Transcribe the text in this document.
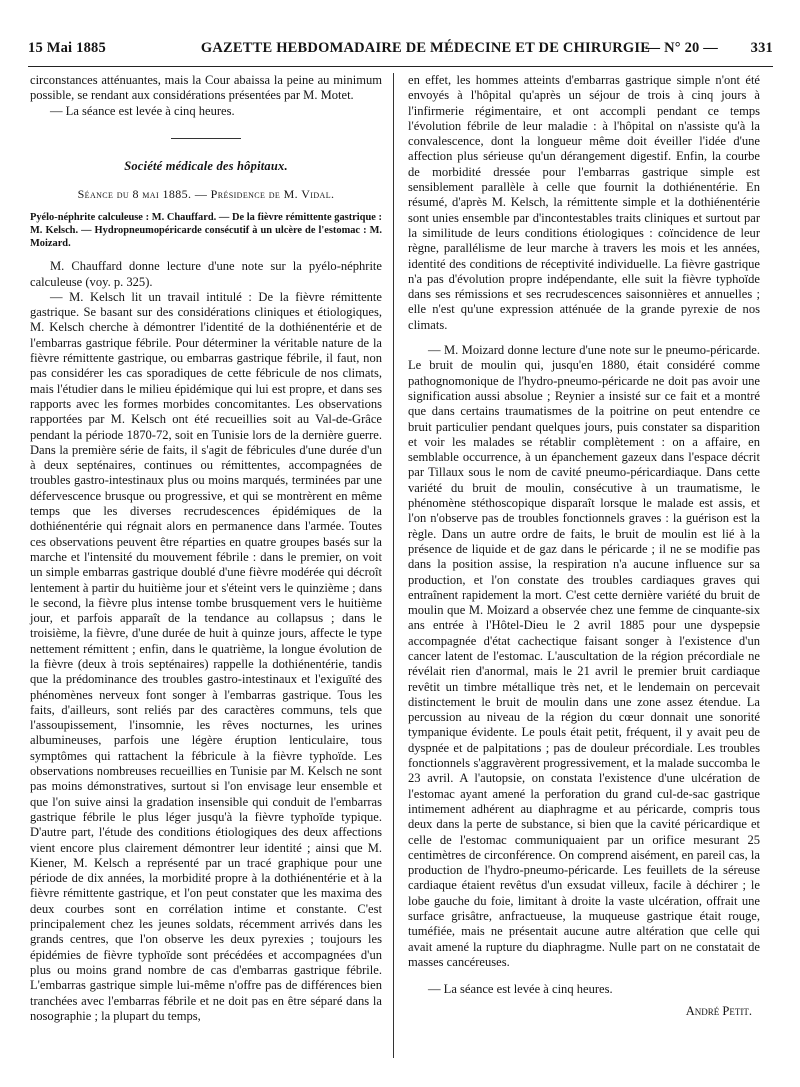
15 Mai 1885	GAZETTE HEBDOMADAIRE DE MÉDECINE ET DE CHIRURGIE
— N° 20 — 331

circonstances atténuantes, mais la Cour abaissa la peine au minimum possible, se rendant aux considérations présentées par M. Motet.

— La séance est levée à cinq heures.

Société médicale des hôpitaux.
Séance du 8 mai 1885. — Présidence de M. Vidal.
Pyélo-néphrite calculeuse : M. Chauffard. — De la fièvre rémittente gastrique : M. Kelsch. — Hydropneumopéricarde consécutif à un ulcère de l'estomac : M. Moizard.

M. Chauffard donne lecture d'une note sur la pyélo-néphrite calculeuse (voy. p. 325).

— M. Kelsch lit un travail intitulé : De la fièvre rémittente gastrique. Se basant sur des considérations cliniques et étiologiques, M. Kelsch cherche à démontrer l'identité de la dothiénentérie et de l'embarras gastrique fébrile. Pour déterminer la véritable nature de la fièvre rémittente gastrique, ou embarras gastrique fébrile, il faut, non pas considérer les cas sporadiques de cette fébricule de nos climats, mais l'étudier dans le milieu épidémique qui lui est propre, et dans ses rapports avec les formes morbides concomitantes. Les observations rapportées par M. Kelsch ont été recueillies soit au Val-de-Grâce pendant la période 1870-72, soit en Tunisie lors de la dernière guerre. Dans la première série de faits, il s'agit de fébricules d'une durée d'un à deux septénaires, continues ou rémittentes, accompagnées de troubles gastro-intestinaux plus ou moins marqués, terminées par une défervescence brusque ou progressive, et qui se montrèrent en même temps que les diverses recrudescences épidémiques de la dothiénentérie qui régnait alors en permanence dans l'armée. Toutes ces observations peuvent être réparties en quatre groupes basés sur la marche et l'intensité du mouvement fébrile : dans le premier, on voit un simple embarras gastrique doublé d'une fièvre modérée qui décroît lentement à partir du huitième jour et s'éteint vers le quinzième ; dans le second, la fièvre plus intense tombe brusquement vers le huitième jour, et parfois apparaît de la tendance au collapsus ; dans le troisième, la fièvre, d'une durée de huit à quinze jours, affecte le type nettement rémittent ; enfin, dans le quatrième, la longue évolution de la fièvre (deux à trois septénaires) rappelle la dothiénentérie, tandis que la prédominance des troubles gastro-intestinaux et l'exiguïté des phénomènes nerveux font songer à l'embarras gastrique. Tous les faits, d'ailleurs, sont reliés par des caractères communs, tels que l'assoupissement, l'insomnie, les rêves nocturnes, les urines albumineuses, parfois une légère éruption lenticulaire, tous symptômes qui rattachent la fébricule à la fièvre typhoïde. Les observations nombreuses recueillies en Tunisie par M. Kelsch ne sont pas moins démonstratives, surtout si l'on envisage leur ensemble et que l'on suive ainsi la gradation insensible qui conduit de l'embarras gastrique fébrile le plus léger jusqu'à la fièvre typhoïde typique. D'autre part, l'étude des conditions étiologiques des deux affections vient encore plus clairement démontrer leur identité ; ainsi que M. Kiener, M. Kelsch a représenté par un tracé graphique pour une période de dix années, la morbidité propre à la dothiénentérie et à la fièvre rémittente gastrique, et l'on peut constater que les maxima des deux courbes sont en corrélation intime et constante. C'est principalement chez les jeunes soldats, récemment arrivés dans les grands centres, que l'on observe les deux pyrexies ; toujours les épidémies de fièvre typhoïde sont précédées et accompagnées d'un plus ou moins grand nombre de cas d'embarras gastrique fébrile. L'embarras gastrique simple lui-même n'offre pas de différences bien tranchées avec l'embarras fébrile et ne doit pas en être séparé dans la nosographie ; la plupart du temps,

en effet, les hommes atteints d'embarras gastrique simple n'ont été envoyés à l'hôpital qu'après un séjour de trois à cinq jours à l'infirmerie régimentaire, et ont accompli pendant ce temps l'évolution fébrile de leur maladie : à l'hôpital on n'assiste qu'à la convalescence, dont la longueur même doit éveiller l'idée d'une affection plus sérieuse qu'un dérangement digestif. Enfin, la courbe de morbidité dressée pour l'embarras gastrique simple est sensiblement parallèle à celle que fournit la dothiénentérie. En résumé, d'après M. Kelsch, la rémittente simple et la dothiénentérie sont unies ensemble par d'incontestables traits cliniques et surtout par la similitude de leurs conditions étiologiques : coïncidence de leur règne, parallélisme de leur marche à travers les mois et les années, identité des conditions de réceptivité individuelle. La fièvre gastrique n'a pas d'évolution propre indépendante, elle suit la fièvre typhoïde dans ses rémissions et ses recrudescences saisonnières et annuelles ; elle n'est qu'une expression atténuée de la grande pyrexie de nos climats.

— M. Moizard donne lecture d'une note sur le pneumo-péricarde. Le bruit de moulin qui, jusqu'en 1880, était considéré comme pathognomonique de l'hydro-pneumo-péricarde ne doit pas avoir une signification aussi absolue ; Reynier a insisté sur ce fait et a montré que dans certains traumatismes de la poitrine on peut entendre ce bruit particulier pendant quelques jours, puis constater sa disparition et voir les malades se rétablir complètement : on a affaire, en semblable occurrence, à un épanchement gazeux dans l'espace décrit par Tillaux sous le nom de cavité pneumo-péricardiaque. Dans cette variété du bruit de moulin, consécutive à un traumatisme, le phénomène stéthoscopique disparaît lorsque le malade est assis, et l'on n'observe pas de troubles fonctionnels graves : la guérison est la règle. Dans un autre ordre de faits, le bruit de moulin est lié à la présence de liquide et de gaz dans le péricarde ; il ne se modifie pas dans la position assise, la respiration n'a aucune influence sur sa production, et l'on constate des troubles cardiaques graves qui entraînent rapidement la mort. C'est cette dernière variété du bruit de moulin que M. Moizard a observée chez une femme de cinquante-six ans entrée à l'Hôtel-Dieu le 2 avril 1885 pour une dyspepsie accompagnée d'état cachectique faisant songer à l'existence d'un cancer latent de l'estomac. L'auscultation de la région précordiale ne révélait rien d'anormal, mais le 21 avril le premier bruit cardiaque revêtit un timbre métallique très net, et le lendemain on percevait distinctement le bruit de moulin dans une zone assez étendue. La percussion au niveau de la région du cœur donnait une sonorité tympanique évidente. Le pouls était petit, fréquent, il y avait peu de dyspnée et de palpitations ; pas de douleur précordiale. Les troubles fonctionnels s'aggravèrent progressivement, et la malade succomba le 23 avril. A l'autopsie, on constata l'existence d'une ulcération de l'estomac ayant amené la perforation du grand cul-de-sac gastrique intimement adhérent au diaphragme et au péricarde, compris tous deux dans la perte de substance, si bien que la cavité péricardique et celle de l'estomac communiquaient par un orifice mesurant 25 centimètres de circonférence. On comprend aisément, en pareil cas, la production de l'hydro-pneumo-péricarde. Les feuillets de la séreuse cardiaque étaient revêtus d'un exsudat villeux, facile à déchirer ; le lobe gauche du foie, limitant à droite la vaste ulcération, offrait une surface grisâtre, anfractueuse, la muqueuse gastrique était rouge, tuméfiée, mais ne présentait aucune autre altération que celle qui avait amené la rupture du diaphragme. Nulle part on ne constatait de masses cancéreuses.

— La séance est levée à cinq heures.

André Petit.
